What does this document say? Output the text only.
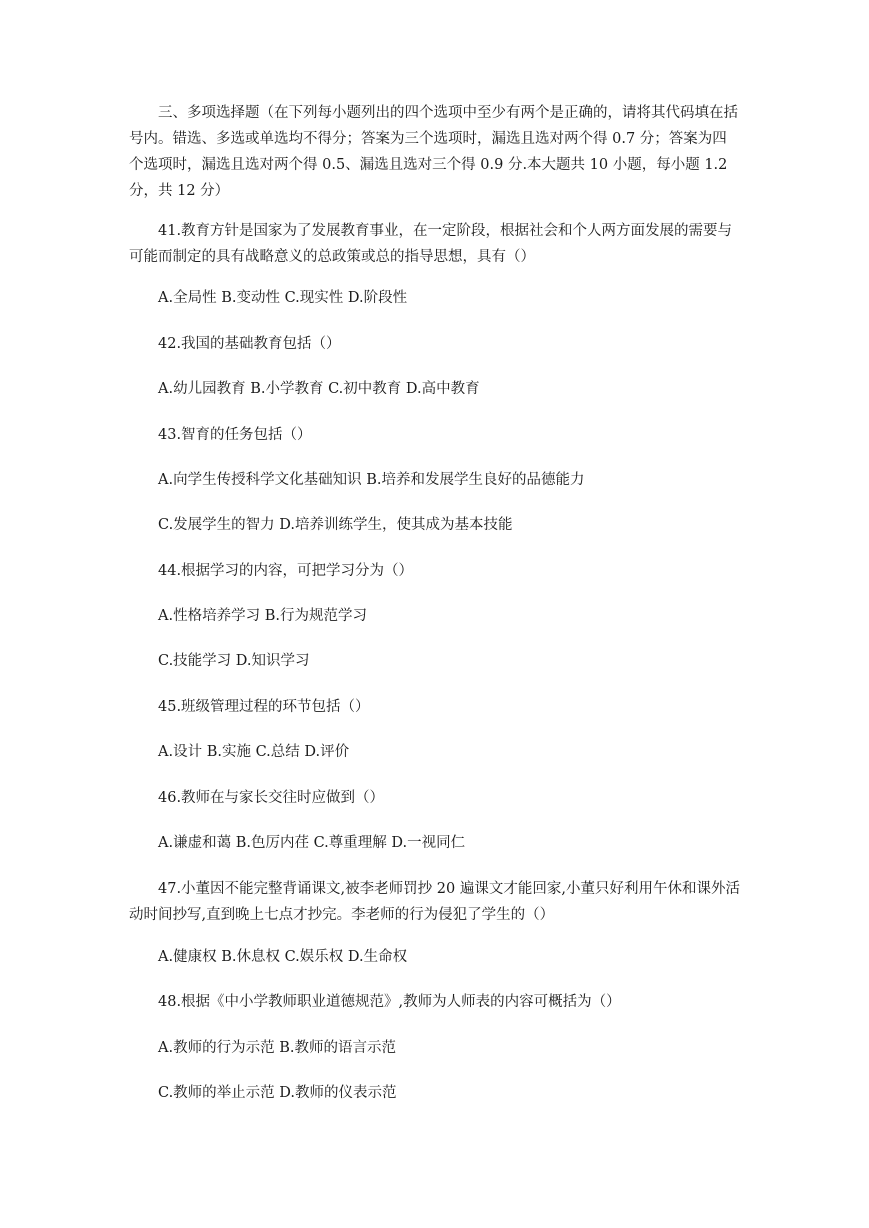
三、多项选择题（在下列每小题列出的四个选项中至少有两个是正确的，请将其代码填在括号内。错选、多选或单选均不得分；答案为三个选项时，漏选且选对两个得 0.7 分；答案为四个选项时，漏选且选对两个得 0.5、漏选且选对三个得 0.9 分.本大题共 10 小题，每小题 1.2 分，共 12 分）

41.教育方针是国家为了发展教育事业，在一定阶段，根据社会和个人两方面发展的需要与可能而制定的具有战略意义的总政策或总的指导思想，具有（）

A.全局性 B.变动性 C.现实性 D.阶段性

42.我国的基础教育包括（）

A.幼儿园教育 B.小学教育 C.初中教育 D.高中教育

43.智育的任务包括（）

A.向学生传授科学文化基础知识 B.培养和发展学生良好的品德能力

C.发展学生的智力 D.培养训练学生，使其成为基本技能

44.根据学习的内容，可把学习分为（）

A.性格培养学习 B.行为规范学习

C.技能学习 D.知识学习

45.班级管理过程的环节包括（）

A.设计 B.实施 C.总结 D.评价

46.教师在与家长交往时应做到（）

A.谦虚和蔼 B.色厉内荏 C.尊重理解 D.一视同仁

47.小董因不能完整背诵课文,被李老师罚抄 20 遍课文才能回家,小董只好利用午休和课外活动时间抄写,直到晚上七点才抄完。李老师的行为侵犯了学生的（）

A.健康权 B.休息权 C.娱乐权 D.生命权

48.根据《中小学教师职业道德规范》,教师为人师表的内容可概括为（）

A.教师的行为示范 B.教师的语言示范

C.教师的举止示范 D.教师的仪表示范
